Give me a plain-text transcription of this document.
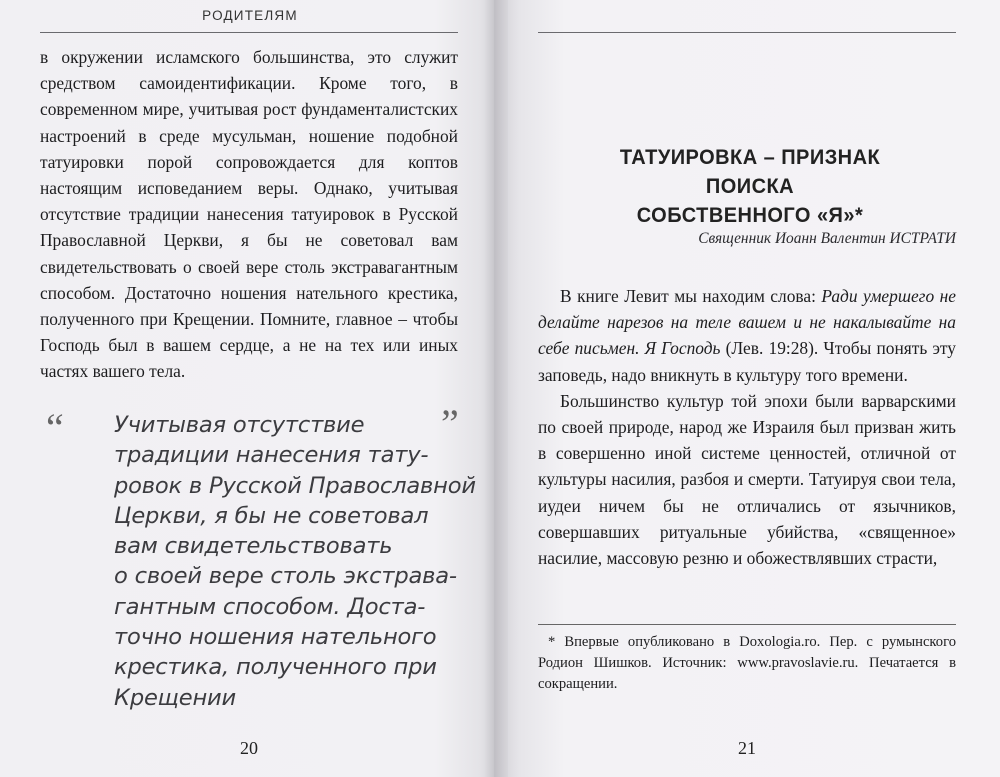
РОДИТЕЛЯМ

в окружении исламского большинства, это служит средством самоидентификации. Кроме того, в современном мире, учитывая рост фундаменталистских настроений в среде мусульман, ношение подобной татуировки порой сопровождается для коптов настоящим исповеданием веры. Однако, учитывая отсутствие традиции нанесения татуировок в Русской Православной Церкви, я бы не советовал вам свидетельствовать о своей вере столь экстравагантным способом. Достаточно ношения нательного крестика, полученного при Крещении. Помните, главное – чтобы Господь был в вашем сердце, а не на тех или иных частях вашего тела.

“	”
Учитывая отсутствие
традиции нанесения тату-
ровок в Русской Православной
Церкви, я бы не советовал
вам свидетельствовать
о своей вере столь экстрава-
гантным способом. Доста-
точно ношения нательного
крестика, полученного при
Крещении
20
ТАТУИРОВКА – ПРИЗНАК ПОИСКА
СОБСТВЕННОГО «Я»*
Священник Иоанн Валентин ИСТРАТИ

В книге Левит мы находим слова: Ради умершего не делайте нарезов на теле вашем и не накалывайте на себе письмен. Я Господь (Лев. 19:28). Чтобы понять эту заповедь, надо вникнуть в культуру того времени.

Большинство культур той эпохи были варварскими по своей природе, народ же Израиля был призван жить в совершенно иной системе ценностей, отличной от культуры насилия, разбоя и смерти. Татуируя свои тела, иудеи ничем бы не отличались от язычников, совершавших ритуальные убийства, «священное» насилие, массовую резню и обожествлявших страсти,

* Впервые опубликовано в Doxologia.ro. Пер. с румынского Родион Шишков. Источник: www.pravoslavie.ru. Печатается в сокращении.

21
